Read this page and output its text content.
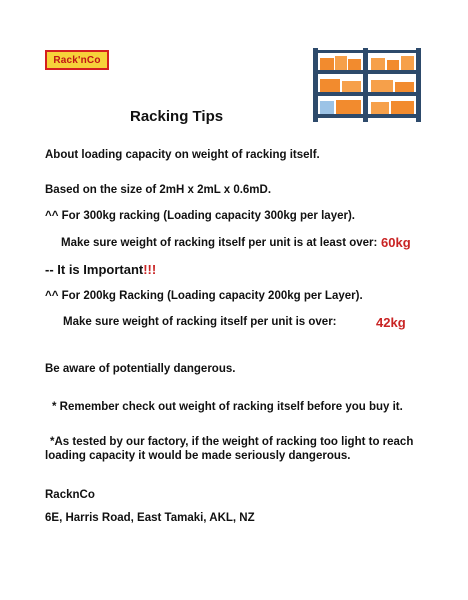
Rack'nCo
Racking Tips
About loading capacity on weight of racking itself.
Based on the size of 2mH x 2mL x 0.6mD.
^^ For 300kg racking (Loading capacity 300kg per layer).
Make sure weight of racking itself per unit is at least over: 60kg
-- It is Important!!!
^^ For 200kg Racking (Loading capacity 200kg per Layer).
Make sure weight of racking itself per unit is over:	42kg
Be aware of potentially dangerous.
* Remember check out weight of racking itself before you buy it.
*As tested by our factory, if the weight of racking too light to reach
loading capacity it would be made seriously dangerous.
RacknCo
6E, Harris Road, East Tamaki, AKL, NZ
